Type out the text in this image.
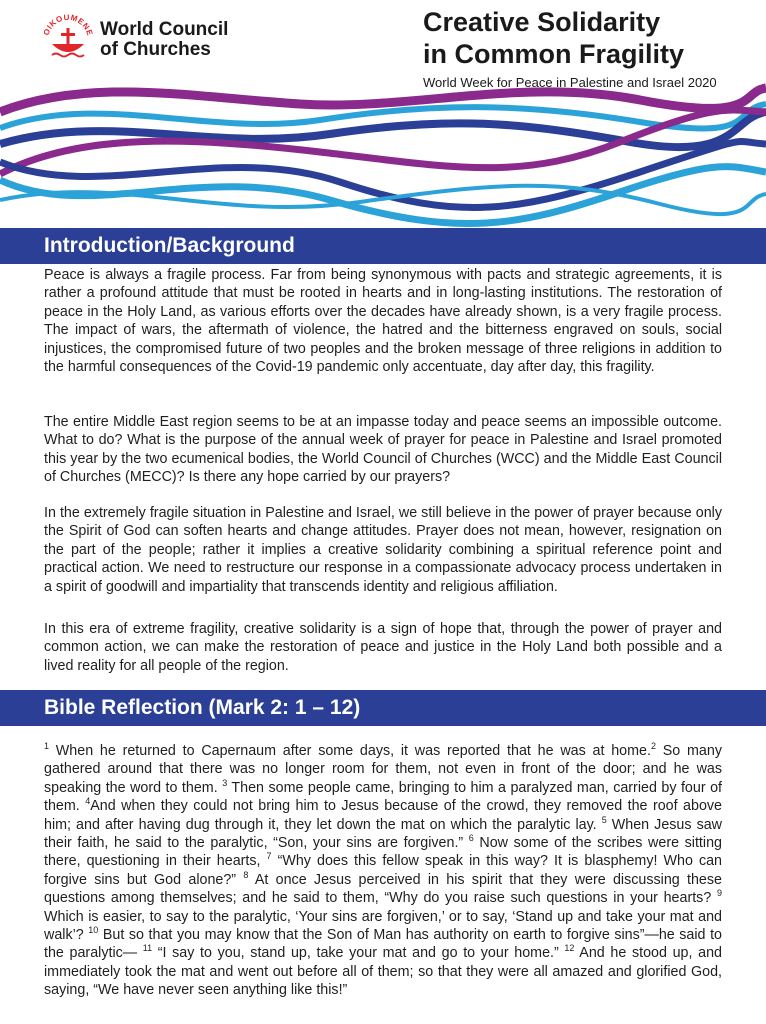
OIKOUMENE World Council
of Churches
Creative Solidarity
in Common Fragility
World Week for Peace in Palestine and Israel 2020
Introduction/Background

Peace is always a fragile process. Far from being synonymous with pacts and strategic agreements, it is rather a profound attitude that must be rooted in hearts and in long-lasting institutions. The restoration of peace in the Holy Land, as various efforts over the decades have already shown, is a very fragile process. The impact of wars, the aftermath of violence, the hatred and the bitterness engraved on souls, social injustices, the compromised future of two peoples and the broken message of three religions in addition to the harmful consequences of the Covid-19 pandemic only accentuate, day after day, this fragility.

The entire Middle East region seems to be at an impasse today and peace seems an impossible outcome. What to do? What is the purpose of the annual week of prayer for peace in Palestine and Israel promoted this year by the two ecumenical bodies, the World Council of Churches (WCC) and the Middle East Council of Churches (MECC)? Is there any hope carried by our prayers?

In the extremely fragile situation in Palestine and Israel, we still believe in the power of prayer because only the Spirit of God can soften hearts and change attitudes. Prayer does not mean, however, resignation on the part of the people; rather it implies a creative solidarity combining a spiritual reference point and practical action. We need to restructure our response in a compassionate advocacy process undertaken in a spirit of goodwill and impartiality that transcends identity and religious affiliation.

In this era of extreme fragility, creative solidarity is a sign of hope that, through the power of prayer and common action, we can make the restoration of peace and justice in the Holy Land both possible and a lived reality for all people of the region.

Bible Reflection (Mark 2: 1 – 12)

$^1$ When he returned to Capernaum after some days, it was reported that he was at home.$^2$ So many gathered around that there was no longer room for them, not even in front of the door; and he was speaking the word to them. $^3$ Then some people came, bringing to him a paralyzed man, carried by four of them. $^4$And when they could not bring him to Jesus because of the crowd, they removed the roof above him; and after having dug through it, they let down the mat on which the paralytic lay. $^5$ When Jesus saw their faith, he said to the paralytic, “Son, your sins are forgiven.” $^6$ Now some of the scribes were sitting there, questioning in their hearts, $^7$ “Why does this fellow speak in this way? It is blasphemy! Who can forgive sins but God alone?” $^8$ At once Jesus perceived in his spirit that they were discussing these questions among themselves; and he said to them, “Why do you raise such questions in your hearts? $^9$ Which is easier, to say to the paralytic, ‘Your sins are forgiven,’ or to say, ‘Stand up and take your mat and walk’? $^{10}$ But so that you may know that the Son of Man has authority on earth to forgive sins”—he said to the paralytic— $^{11}$ “I say to you, stand up, take your mat and go to your home.” $^{12}$ And he stood up, and immediately took the mat and went out before all of them; so that they were all amazed and glorified God, saying, “We have never seen anything like this!”
